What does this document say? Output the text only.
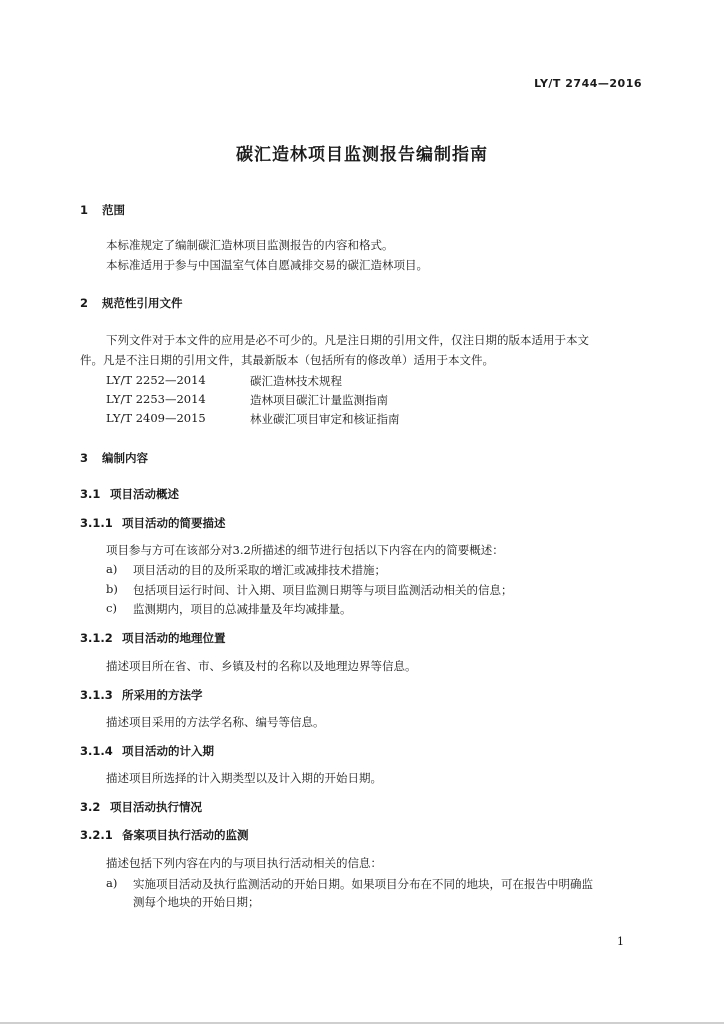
LY/T 2744—2016
碳汇造林项目监测报告编制指南
1 范围
本标准规定了编制碳汇造林项目监测报告的内容和格式。
本标准适用于参与中国温室气体自愿减排交易的碳汇造林项目。
2 规范性引用文件
下列文件对于本文件的应用是必不可少的。凡是注日期的引用文件，仅注日期的版本适用于本文
件。凡是不注日期的引用文件，其最新版本（包括所有的修改单）适用于本文件。
LY/T 2252—2014	碳汇造林技术规程
LY/T 2253—2014	造林项目碳汇计量监测指南
LY/T 2409—2015	林业碳汇项目审定和核证指南
3 编制内容
3.1 项目活动概述
3.1.1 项目活动的简要描述
项目参与方可在该部分对3.2所描述的细节进行包括以下内容在内的简要概述：
a) 项目活动的目的及所采取的增汇或减排技术措施；
b) 包括项目运行时间、计入期、项目监测日期等与项目监测活动相关的信息；
c) 监测期内，项目的总减排量及年均减排量。
3.1.2 项目活动的地理位置
描述项目所在省、市、乡镇及村的名称以及地理边界等信息。
3.1.3 所采用的方法学
描述项目采用的方法学名称、编号等信息。
3.1.4 项目活动的计入期
描述项目所选择的计入期类型以及计入期的开始日期。
3.2 项目活动执行情况
3.2.1 备案项目执行活动的监测
描述包括下列内容在内的与项目执行活动相关的信息：
a) 实施项目活动及执行监测活动的开始日期。如果项目分布在不同的地块，可在报告中明确监
测每个地块的开始日期；
1
